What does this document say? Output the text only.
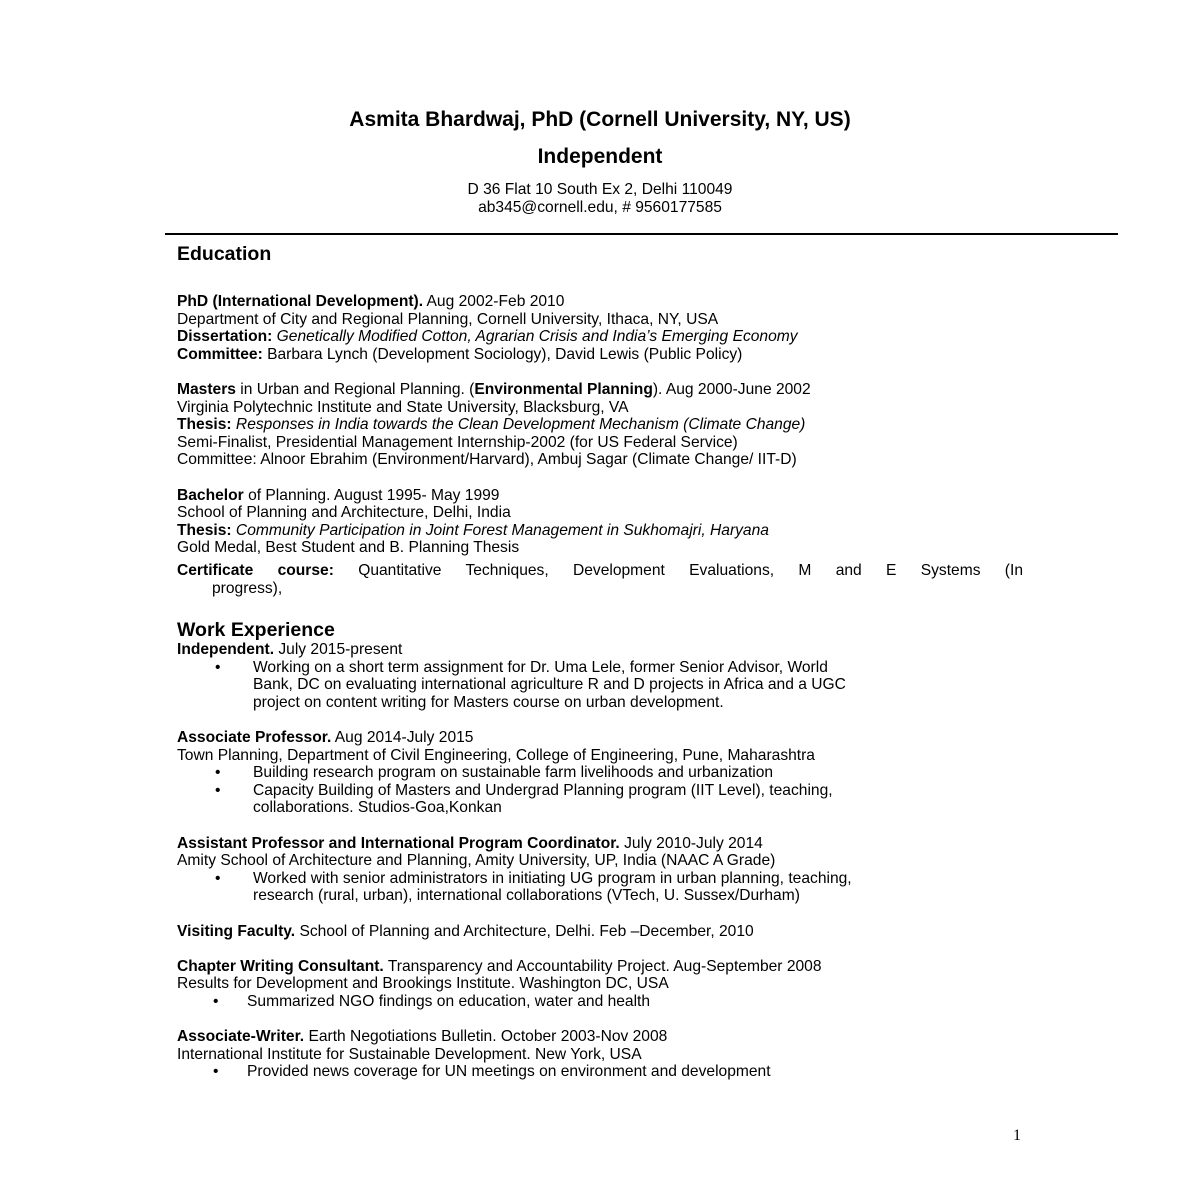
Asmita Bhardwaj, PhD (Cornell University, NY, US)
Independent
D 36 Flat 10 South Ex 2, Delhi 110049
ab345@cornell.edu, # 9560177585
Education
PhD (International Development). Aug 2002-Feb 2010
Department of City and Regional Planning, Cornell University, Ithaca, NY, USA
Dissertation: Genetically Modified Cotton, Agrarian Crisis and India’s Emerging Economy
Committee: Barbara Lynch (Development Sociology), David Lewis (Public Policy)
Masters in Urban and Regional Planning. (Environmental Planning). Aug 2000-June 2002
Virginia Polytechnic Institute and State University, Blacksburg, VA
Thesis: Responses in India towards the Clean Development Mechanism (Climate Change)
Semi-Finalist, Presidential Management Internship-2002 (for US Federal Service)
Committee: Alnoor Ebrahim (Environment/Harvard), Ambuj Sagar (Climate Change/ IIT-D)
Bachelor of Planning. August 1995- May 1999
School of Planning and Architecture, Delhi, India
Thesis: Community Participation in Joint Forest Management in Sukhomajri, Haryana
Gold Medal, Best Student and B. Planning Thesis
Certificate course: Quantitative Techniques, Development Evaluations, M and E Systems (In
progress),
Work Experience
Independent. July 2015-present
• Working on a short term assignment for Dr. Uma Lele, former Senior Advisor, World
Bank, DC on evaluating international agriculture R and D projects in Africa and a UGC
project on content writing for Masters course on urban development.
Associate Professor. Aug 2014-July 2015
Town Planning, Department of Civil Engineering, College of Engineering, Pune, Maharashtra
• Building research program on sustainable farm livelihoods and urbanization
• Capacity Building of Masters and Undergrad Planning program (IIT Level), teaching,
collaborations. Studios-Goa,Konkan
Assistant Professor and International Program Coordinator. July 2010-July 2014
Amity School of Architecture and Planning, Amity University, UP, India (NAAC A Grade)
• Worked with senior administrators in initiating UG program in urban planning, teaching,
research (rural, urban), international collaborations (VTech, U. Sussex/Durham)
Visiting Faculty. School of Planning and Architecture, Delhi. Feb –December, 2010
Chapter Writing Consultant. Transparency and Accountability Project. Aug-September 2008
Results for Development and Brookings Institute. Washington DC, USA
• Summarized NGO findings on education, water and health
Associate-Writer. Earth Negotiations Bulletin. October 2003-Nov 2008
International Institute for Sustainable Development. New York, USA
• Provided news coverage for UN meetings on environment and development
1
